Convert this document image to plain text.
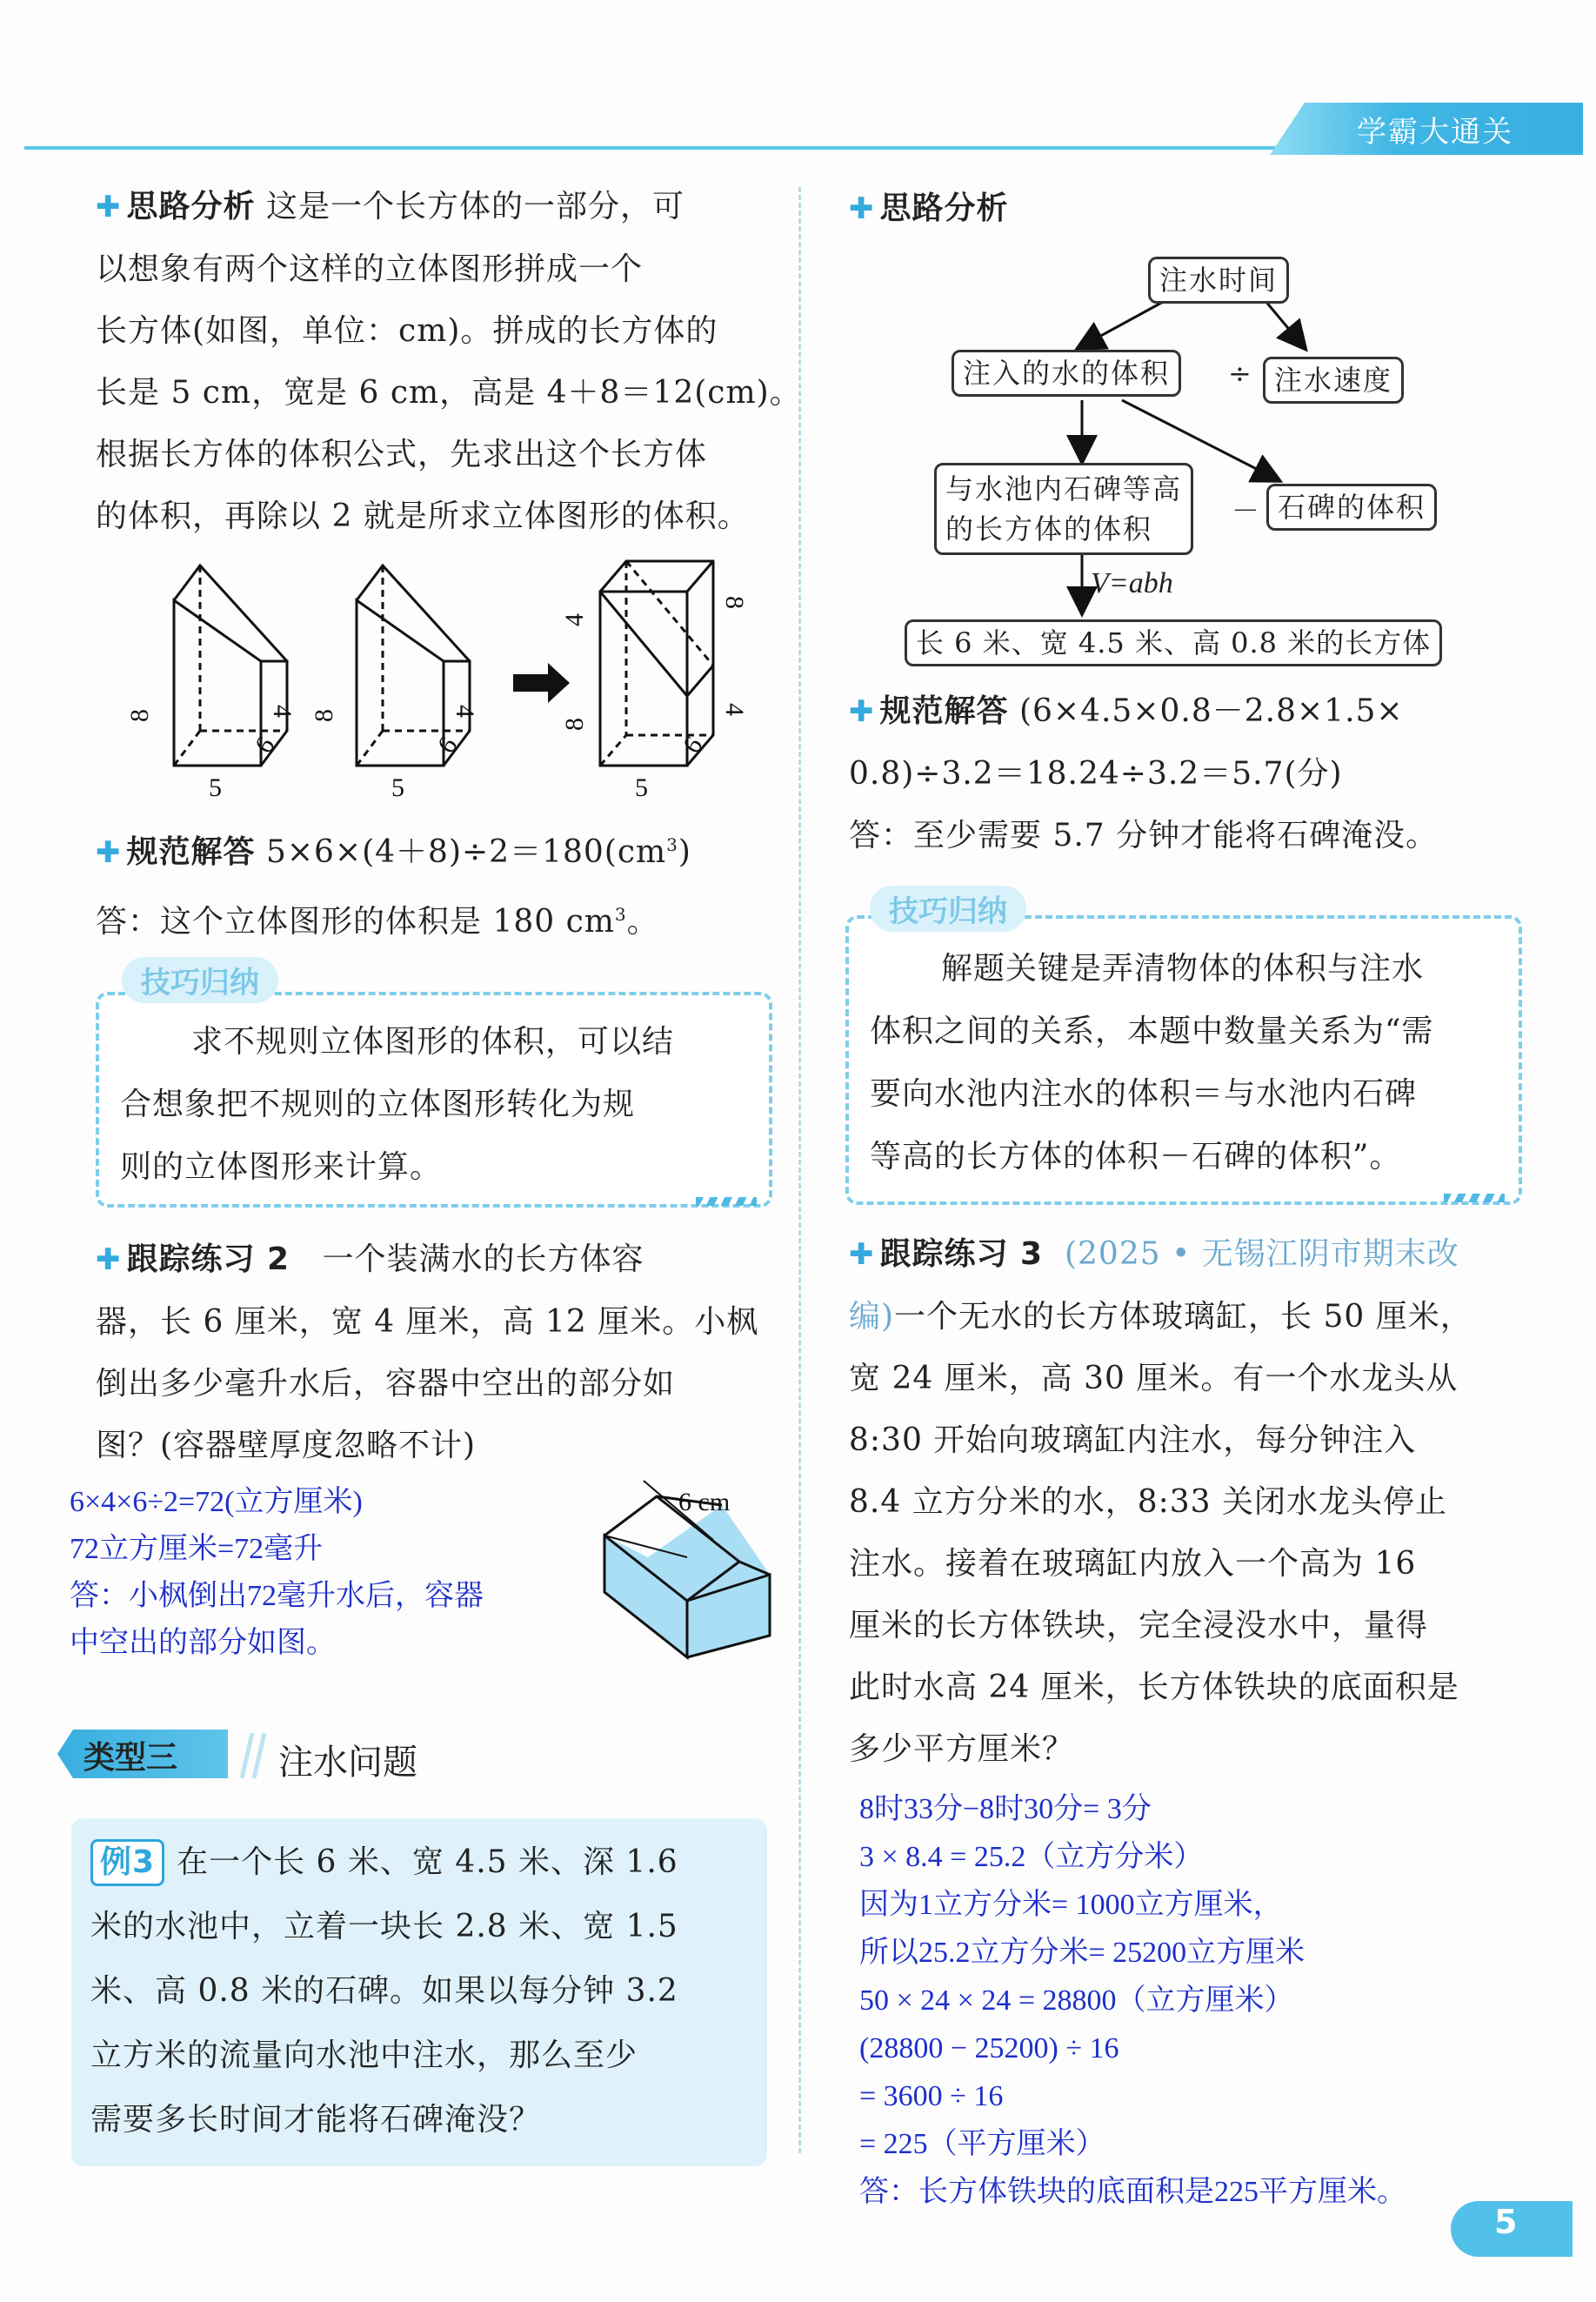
学霸大通关
✚ 思路分析 这是一个长方体的一部分，可
以想象有两个这样的立体图形拼成一个
长方体(如图，单位：cm)。拼成的长方体的
长是 5 cm，宽是 6 cm，高是 4＋8＝12(cm)。
根据长方体的体积公式，先求出这个长方体
的体积，再除以 2 就是所求立体图形的体积。
8	4
6
5
8	4
6
5
4
8
8
4
6
5
✚ 规范解答 $5\times 6\times(4+8)\div 2=180(cm^3)$
答：这个立体图形的体积是 180 $cm^3$。
技巧归纳
求不规则立体图形的体积，可以结
合想象把不规则的立体图形转化为规
则的立体图形来计算。
✚ 跟踪练习 2 一个装满水的长方体容
器，长 6 厘米，宽 4 厘米，高 12 厘米。小枫
倒出多少毫升水后，容器中空出的部分如
图？(容器壁厚度忽略不计)
6×4×6÷2=72(立方厘米)
72立方厘米=72毫升
答：小枫倒出72毫升水后，容器
中空出的部分如图。
6 cm
类型三	注水问题
例3 在一个长 6 米、宽 4.5 米、深 1.6
米的水池中，立着一块长 2.8 米、宽 1.5
米、高 0.8 米的石碑。如果以每分钟 3.2
立方米的流量向水池中注水，那么至少
需要多长时间才能将石碑淹没？
✚ 思路分析
注水时间
注入的水的体积	÷ 注水速度
与水池内石碑等高
的长方体的体积
－ 石碑的体积
V=abh
长 6 米、宽 4.5 米、高 0.8 米的长方体
✚ 规范解答 (6×4.5×0.8－2.8×1.5×
0.8)÷3.2＝18.24÷3.2＝5.7(分)
答：至少需要 5.7 分钟才能将石碑淹没。
技巧归纳
解题关键是弄清物体的体积与注水
体积之间的关系，本题中数量关系为“需
要向水池内注水的体积＝与水池内石碑
等高的长方体的体积－石碑的体积”。
✚ 跟踪练习 3 (2025 • 无锡江阴市期末改
编)一个无水的长方体玻璃缸，长 50 厘米，
宽 24 厘米，高 30 厘米。有一个水龙头从
8:30 开始向玻璃缸内注水，每分钟注入
8.4 立方分米的水，8:33 关闭水龙头停止
注水。接着在玻璃缸内放入一个高为 16
厘米的长方体铁块，完全浸没水中，量得
此时水高 24 厘米，长方体铁块的底面积是
多少平方厘米？
8时33分−8时30分= 3分
3 × 8.4 = 25.2（立方分米）
因为1立方分米= 1000立方厘米，
所以25.2立方分米= 25200立方厘米
50 × 24 × 24 = 28800（立方厘米）
(28800 − 25200) ÷ 16
= 3600 ÷ 16
= 225（平方厘米）
答：长方体铁块的底面积是225平方厘米。
5
